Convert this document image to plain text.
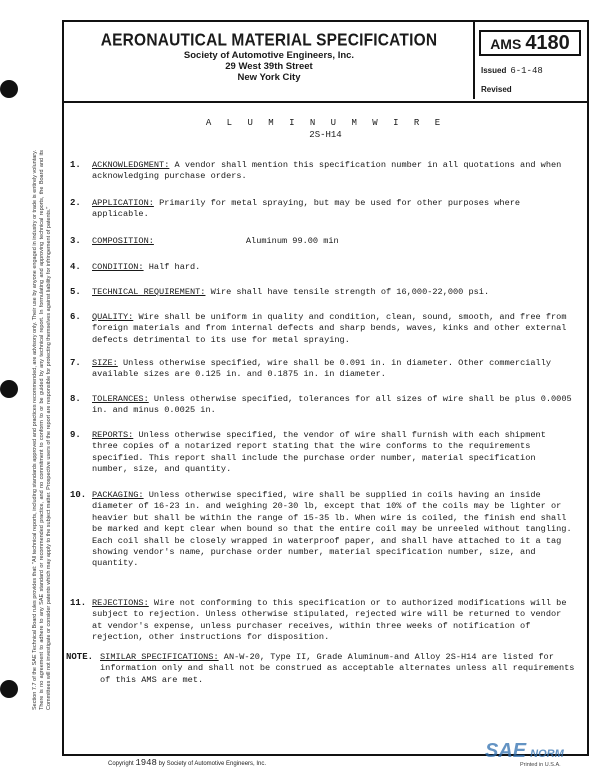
Section 7.7 of the SAE Technical Board rules provides that: "All technical reports, including standards approved and practices recommended, are advisory only. Their use by anyone engaged in industry or trade is entirely voluntary. There is no agreement to adhere to any SAE standard or recommended practice, and no commitment to conform to or be guided by any technical report. In formulating and approving technical reports, the Board and its Committees will not investigate or consider patents which may apply to the subject matter. Prospective users of the report are responsible for protecting themselves against liability for infringement of patents."
AERONAUTICAL MATERIAL SPECIFICATION
Society of Automotive Engineers, Inc.
29 West 39th Street
New York City
AMS 4180
Issued 6-1-48
Revised
A L U M I N U M W I R E
2S-H14
1. ACKNOWLEDGMENT: A vendor shall mention this specification number in all quotations and when acknowledging purchase orders.
2. APPLICATION: Primarily for metal spraying, but may be used for other purposes where applicable.
3. COMPOSITION:	Aluminum 99.00 min
4. CONDITION: Half hard.
5. TECHNICAL REQUIREMENT: Wire shall have tensile strength of 16,000-22,000 psi.
6. QUALITY: Wire shall be uniform in quality and condition, clean, sound, smooth, and free from foreign materials and from internal defects and sharp bends, waves, kinks and other external defects detrimental to its use for metal spraying.
7. SIZE: Unless otherwise specified, wire shall be 0.091 in. in diameter. Other commercially available sizes are 0.125 in. and 0.1875 in. in diameter.
8. TOLERANCES: Unless otherwise specified, tolerances for all sizes of wire shall be plus 0.0005 in. and minus 0.0025 in.
9. REPORTS: Unless otherwise specified, the vendor of wire shall furnish with each shipment three copies of a notarized report stating that the wire conforms to the requirements specified. This report shall include the purchase order number, material specification number, size, and quantity.
10. PACKAGING: Unless otherwise specified, wire shall be supplied in coils having an inside diameter of 16-23 in. and weighing 20-30 lb, except that 10% of the coils may be lighter or heavier but shall be within the range of 15-35 lb. When wire is coiled, the finish end shall be marked and kept clear when bound so that the entire coil may be unreeled without tangling. Each coil shall be closely wrapped in waterproof paper, and shall have attached to it a tag showing vendor's name, purchase order number, material specification number, size, and quantity.
11. REJECTIONS: Wire not conforming to this specification or to authorized modifications will be subject to rejection. Unless otherwise stipulated, rejected wire will be returned to vendor at vendor's expense, unless purchaser receives, within three weeks of notification of rejection, other instructions for disposition.
NOTE. SIMILAR SPECIFICATIONS: AN-W-20, Type II, Grade Aluminum-and Alloy 2S-H14 are listed for information only and shall not be construed as acceptable alternates unless all requirements of this AMS are met.
Copyright 1948 by Society of Automotive Engineers, Inc.
SAE NORM
Printed in U.S.A.
